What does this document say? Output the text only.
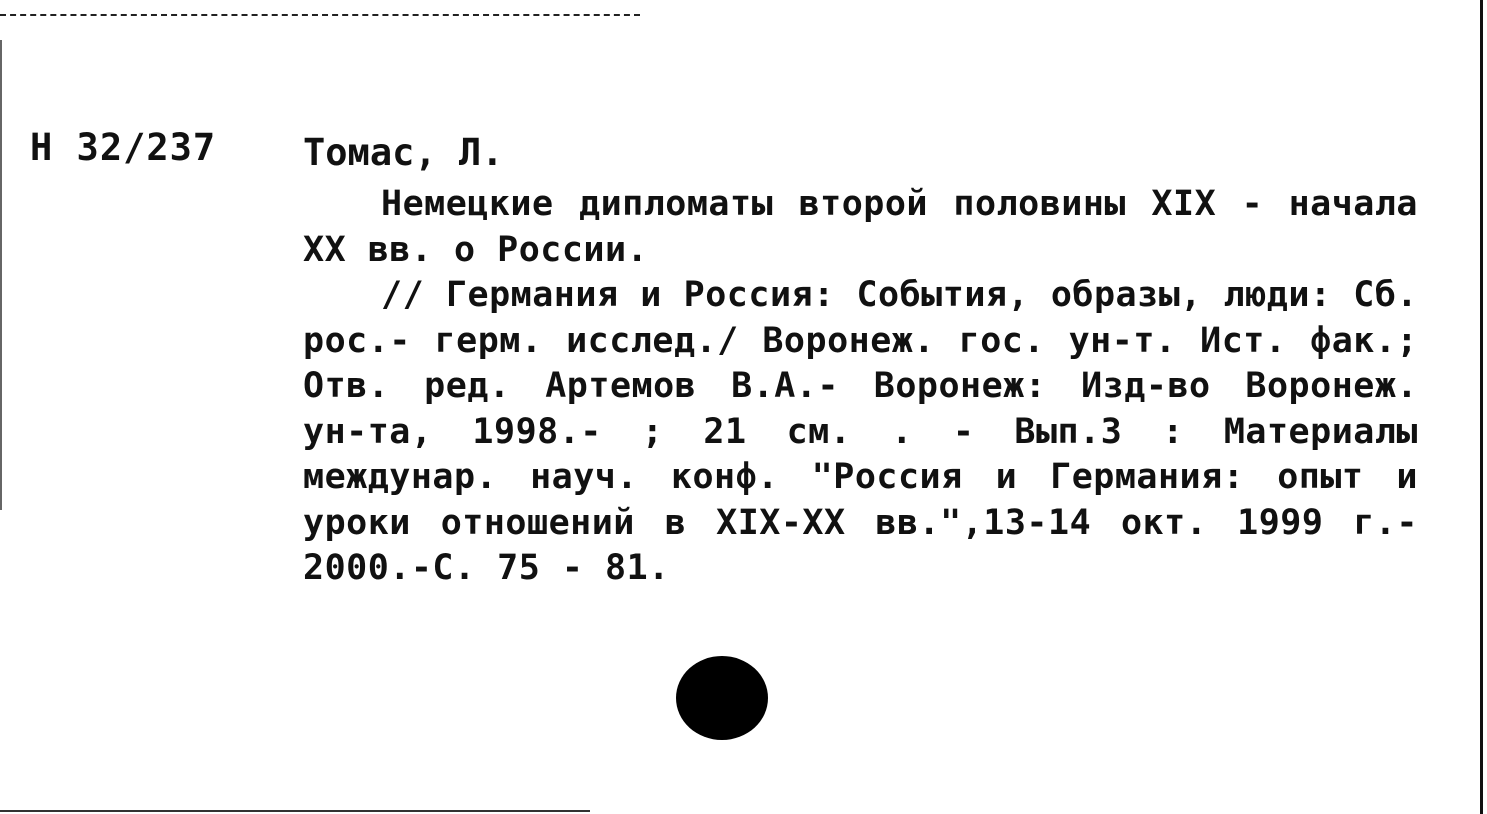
Н 32/237 Томас, Л.

Немецкие дипломаты второй половины XIX - начала XX вв. о России.

// Германия и Россия: События, образы, люди: Сб. рос.- герм. исслед./ Воронеж. гос. ун-т. Ист. фак.; Отв. ред. Артемов В.А.- Воронеж: Изд-во Воронеж. ун-та, 1998.- ; 21 см. . - Вып.3 : Материалы междунар. науч. конф. "Россия и Германия: опыт и уроки отношений в XIX-XX вв.",13-14 окт. 1999 г.- 2000.-С. 75 - 81.
